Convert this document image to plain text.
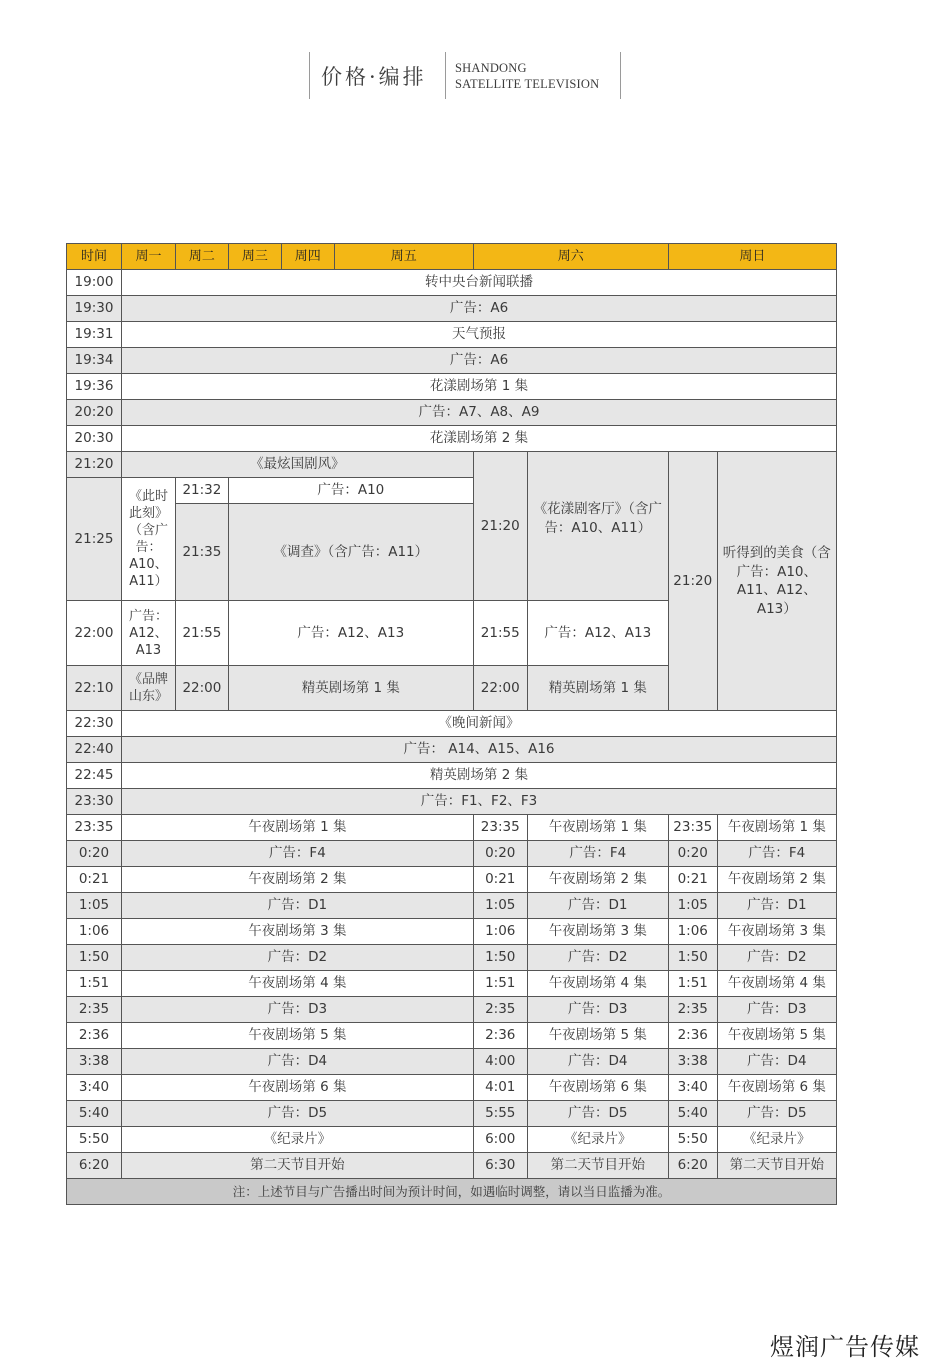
价格·编排 SHANDONG
SATELLITE TELEVISION
时间	周一	周二	周三	周四	周五	周六		周日	
19:00	转中央台新闻联播								
19:30	广告：A6								
19:31	天气预报								
19:34	广告：A6								
19:36	花漾剧场第 1 集								
20:20	广告：A7、A8、A9								
20:30	花漾剧场第 2 集								
21:20	《最炫国剧风》					21:20	《花漾剧客厅》（含广告：A10、A11）	21:20	听得到的美食（含广告：A10、A11、A12、A13）
21:25	《此时此刻》（含广告：A10、A11）	21:32	广告：A10						
		21:35	《调查》（含广告：A11）						
22:00	广告：A12、A13	21:55	广告：A12、A13			21:55	广告：A12、A13		
22:10	《品牌山东》	22:00	精英剧场第 1 集			22:00	精英剧场第 1 集		
22:30	《晚间新闻》								
22:40	广告： A14、A15、A16								
22:45	精英剧场第 2 集								
23:30	广告：F1、F2、F3								
23:35	午夜剧场第 1 集					23:35	午夜剧场第 1 集	23:35	午夜剧场第 1 集
0:20	广告：F4					0:20	广告：F4	0:20	广告：F4
0:21	午夜剧场第 2 集					0:21	午夜剧场第 2 集	0:21	午夜剧场第 2 集
1:05	广告：D1					1:05	广告：D1	1:05	广告：D1
1:06	午夜剧场第 3 集					1:06	午夜剧场第 3 集	1:06	午夜剧场第 3 集
1:50	广告：D2					1:50	广告：D2	1:50	广告：D2
1:51	午夜剧场第 4 集					1:51	午夜剧场第 4 集	1:51	午夜剧场第 4 集
2:35	广告：D3					2:35	广告：D3	2:35	广告：D3
2:36	午夜剧场第 5 集					2:36	午夜剧场第 5 集	2:36	午夜剧场第 5 集
3:38	广告：D4					4:00	广告：D4	3:38	广告：D4
3:40	午夜剧场第 6 集					4:01	午夜剧场第 6 集	3:40	午夜剧场第 6 集
5:40	广告：D5					5:55	广告：D5	5:40	广告：D5
5:50	《纪录片》					6:00	《纪录片》	5:50	《纪录片》
6:20	第二天节目开始					6:30	第二天节目开始	6:20	第二天节目开始
注：上述节目与广告播出时间为预计时间，如遇临时调整，请以当日监播为准。									
煜润广告传媒
